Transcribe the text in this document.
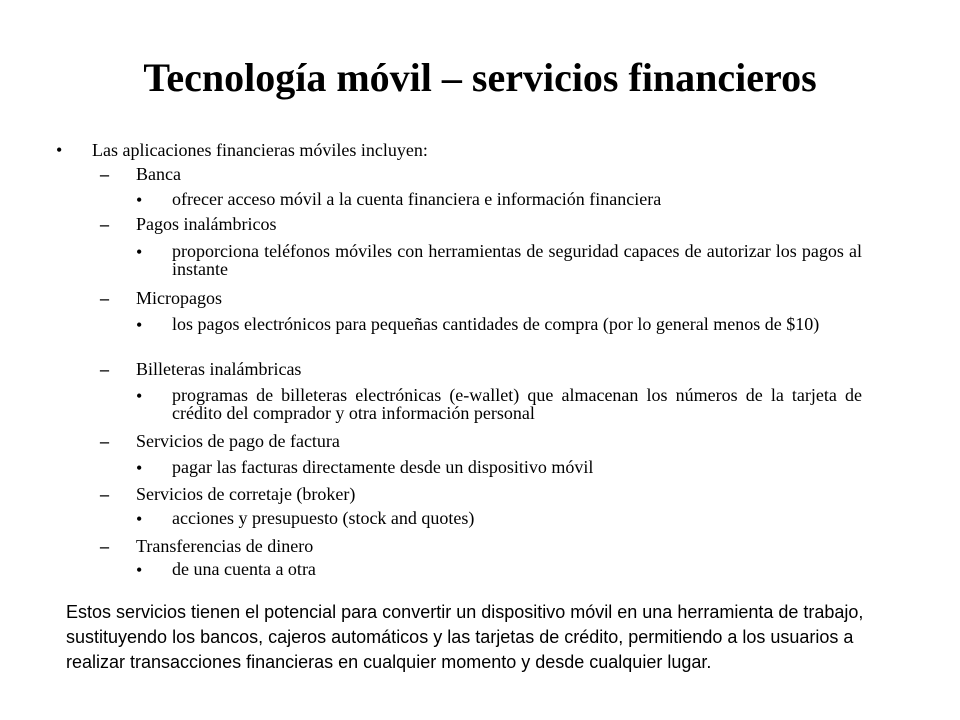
Tecnología móvil – servicios financieros
• Las aplicaciones financieras móviles incluyen:
– Banca
• ofrecer acceso móvil a la cuenta financiera e información financiera
– Pagos inalámbricos
• proporciona teléfonos móviles con herramientas de seguridad capaces de autorizar los pagos al instante
– Micropagos
• los pagos electrónicos para pequeñas cantidades de compra (por lo general menos de $10)
– Billeteras inalámbricas
• programas de billeteras electrónicas (e-wallet) que almacenan los números de la tarjeta de crédito del comprador y otra información personal
– Servicios de pago de factura
• pagar las facturas directamente desde un dispositivo móvil
– Servicios de corretaje (broker)
• acciones y presupuesto (stock and quotes)
– Transferencias de dinero
• de una cuenta a otra
Estos servicios tienen el potencial para convertir un dispositivo móvil en una herramienta de trabajo, sustituyendo los bancos, cajeros automáticos y las tarjetas de crédito, permitiendo a los usuarios a realizar transacciones financieras en cualquier momento y desde cualquier lugar.
